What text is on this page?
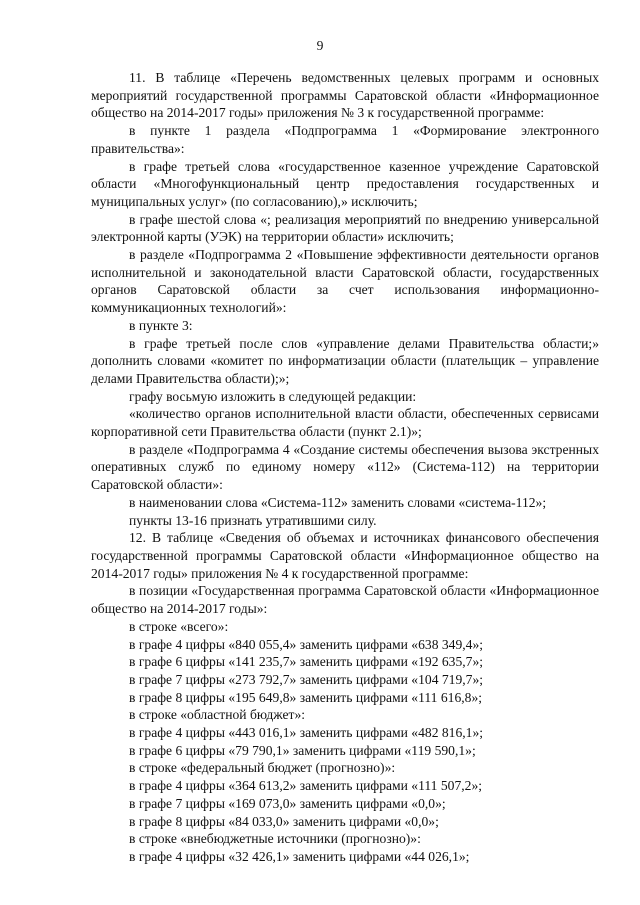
9

11. В таблице «Перечень ведомственных целевых программ и основных мероприятий государственной программы Саратовской области «Информационное общество на 2014-2017 годы» приложения № 3 к государственной программе:

в пункте 1 раздела «Подпрограмма 1 «Формирование электронного правительства»:

в графе третьей слова «государственное казенное учреждение Саратовской области «Многофункциональный центр предоставления государственных и муниципальных услуг» (по согласованию),» исключить;

в графе шестой слова «; реализация мероприятий по внедрению универсальной электронной карты (УЭК) на территории области» исключить;

в разделе «Подпрограмма 2 «Повышение эффективности деятельности органов исполнительной и законодательной власти Саратовской области, государственных органов Саратовской области за счет использования информационно-коммуникационных технологий»:

в пункте 3:

в графе третьей после слов «управление делами Правительства области;» дополнить словами «комитет по информатизации области (плательщик – управление делами Правительства области);»;

графу восьмую изложить в следующей редакции:

«количество органов исполнительной власти области, обеспеченных сервисами корпоративной сети Правительства области (пункт 2.1)»;

в разделе «Подпрограмма 4 «Создание системы обеспечения вызова экстренных оперативных служб по единому номеру «112» (Система-112) на территории Саратовской области»:

в наименовании слова «Система-112» заменить словами «система-112»;

пункты 13-16 признать утратившими силу.

12. В таблице «Сведения об объемах и источниках финансового обеспечения государственной программы Саратовской области «Информационное общество на 2014-2017 годы» приложения № 4 к государственной программе:

в позиции «Государственная программа Саратовской области «Информационное общество на 2014-2017 годы»:

в строке «всего»:

в графе 4 цифры «840 055,4» заменить цифрами «638 349,4»;

в графе 6 цифры «141 235,7» заменить цифрами «192 635,7»;

в графе 7 цифры «273 792,7» заменить цифрами «104 719,7»;

в графе 8 цифры «195 649,8» заменить цифрами «111 616,8»;

в строке «областной бюджет»:

в графе 4 цифры «443 016,1» заменить цифрами «482 816,1»;

в графе 6 цифры «79 790,1» заменить цифрами «119 590,1»;

в строке «федеральный бюджет (прогнозно)»:

в графе 4 цифры «364 613,2» заменить цифрами «111 507,2»;

в графе 7 цифры «169 073,0» заменить цифрами «0,0»;

в графе 8 цифры «84 033,0» заменить цифрами «0,0»;

в строке «внебюджетные источники (прогнозно)»:

в графе 4 цифры «32 426,1» заменить цифрами «44 026,1»;
